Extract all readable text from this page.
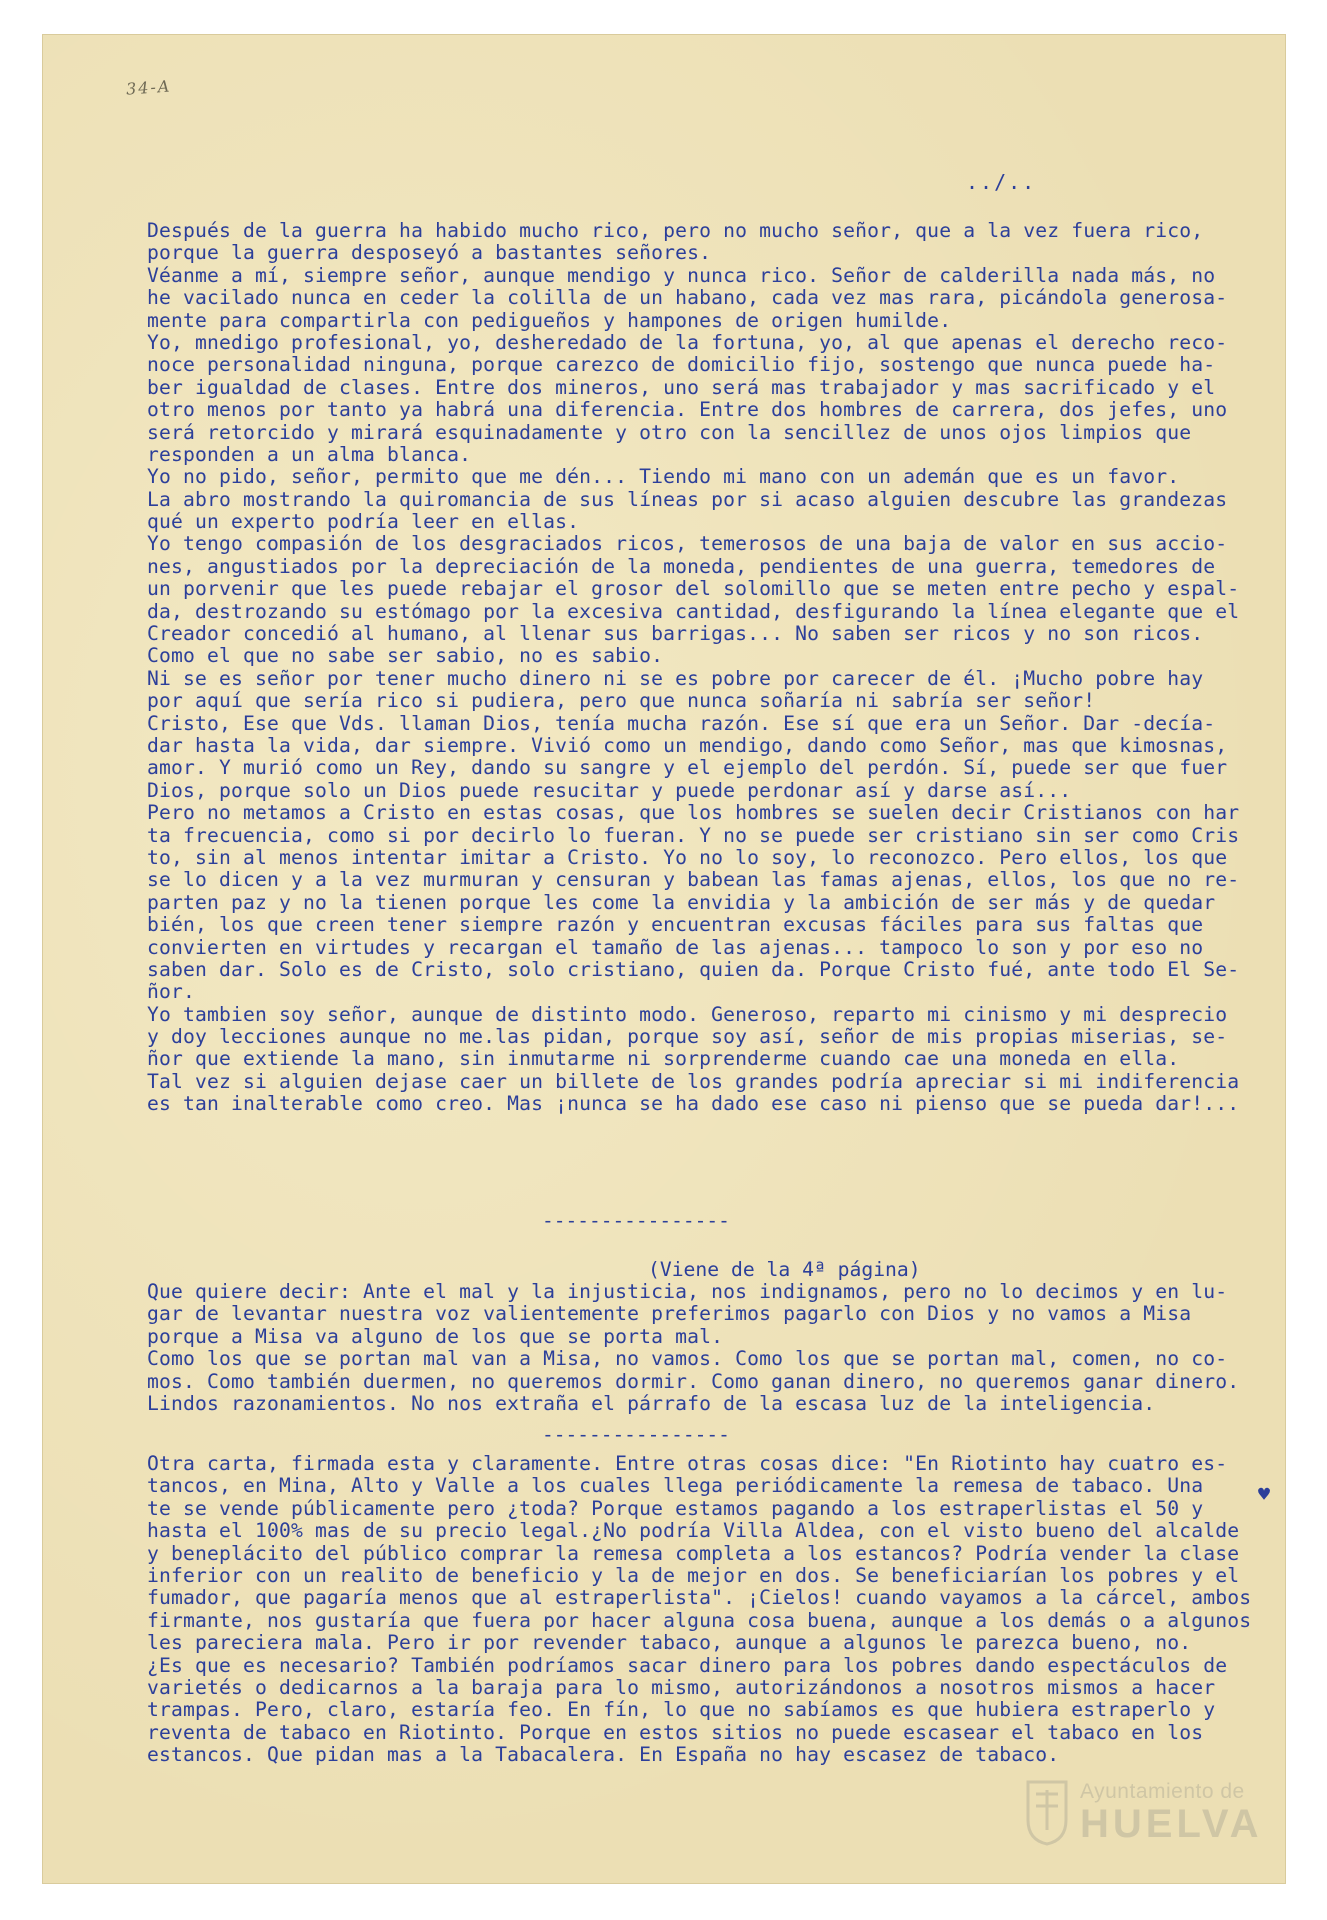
34-A
../..
Después de la guerra ha habido mucho rico, pero no mucho señor, que a la vez fuera rico,
porque la guerra desposeyó a bastantes señores.
Véanme a mí, siempre señor, aunque mendigo y nunca rico. Señor de calderilla nada más, no
he vacilado nunca en ceder la colilla de un habano, cada vez mas rara, picándola generosa-
mente para compartirla con pedigueños y hampones de origen humilde.
Yo, mnedigo profesional, yo, desheredado de la fortuna, yo, al que apenas el derecho reco-
noce personalidad ninguna, porque carezco de domicilio fijo, sostengo que nunca puede ha-
ber igualdad de clases. Entre dos mineros, uno será mas trabajador y mas sacrificado y el
otro menos por tanto ya habrá una diferencia. Entre dos hombres de carrera, dos jefes, uno
será retorcido y mirará esquinadamente y otro con la sencillez de unos ojos limpios que
responden a un alma blanca.
Yo no pido, señor, permito que me dén... Tiendo mi mano con un ademán que es un favor.
La abro mostrando la quiromancia de sus líneas por si acaso alguien descubre las grandezas
qué un experto podría leer en ellas.
Yo tengo compasión de los desgraciados ricos, temerosos de una baja de valor en sus accio-
nes, angustiados por la depreciación de la moneda, pendientes de una guerra, temedores de
un porvenir que les puede rebajar el grosor del solomillo que se meten entre pecho y espal-
da, destrozando su estómago por la excesiva cantidad, desfigurando la línea elegante que el
Creador concedió al humano, al llenar sus barrigas... No saben ser ricos y no son ricos.
Como el que no sabe ser sabio, no es sabio.
Ni se es señor por tener mucho dinero ni se es pobre por carecer de él. ¡Mucho pobre hay
por aquí que sería rico si pudiera, pero que nunca soñaría ni sabría ser señor!
Cristo, Ese que Vds. llaman Dios, tenía mucha razón. Ese sí que era un Señor. Dar -decía-
dar hasta la vida, dar siempre. Vivió como un mendigo, dando como Señor, mas que kimosnas,
amor. Y murió como un Rey, dando su sangre y el ejemplo del perdón. Sí, puede ser que fuer
Dios, porque solo un Dios puede resucitar y puede perdonar así y darse así...
Pero no metamos a Cristo en estas cosas, que los hombres se suelen decir Cristianos con har
ta frecuencia, como si por decirlo lo fueran. Y no se puede ser cristiano sin ser como Cris
to, sin al menos intentar imitar a Cristo. Yo no lo soy, lo reconozco. Pero ellos, los que
se lo dicen y a la vez murmuran y censuran y babean las famas ajenas, ellos, los que no re-
parten paz y no la tienen porque les come la envidia y la ambición de ser más y de quedar
bién, los que creen tener siempre razón y encuentran excusas fáciles para sus faltas que
convierten en virtudes y recargan el tamaño de las ajenas... tampoco lo son y por eso no
saben dar. Solo es de Cristo, solo cristiano, quien da. Porque Cristo fué, ante todo El Se-
ñor.
Yo tambien soy señor, aunque de distinto modo. Generoso, reparto mi cinismo y mi desprecio
y doy lecciones aunque no me.las pidan, porque soy así, señor de mis propias miserias, se-
ñor que extiende la mano, sin inmutarme ni sorprenderme cuando cae una moneda en ella.
Tal vez si alguien dejase caer un billete de los grandes podría apreciar si mi indiferencia
es tan inalterable como creo. Mas ¡nunca se ha dado ese caso ni pienso que se pueda dar!...
----------------
(Viene de la 4ª página)
Que quiere decir: Ante el mal y la injusticia, nos indignamos, pero no lo decimos y en lu-
gar de levantar nuestra voz valientemente preferimos pagarlo con Dios y no vamos a Misa
porque a Misa va alguno de los que se porta mal.
Como los que se portan mal van a Misa, no vamos. Como los que se portan mal, comen, no co-
mos. Como también duermen, no queremos dormir. Como ganan dinero, no queremos ganar dinero.
Lindos razonamientos. No nos extraña el párrafo de la escasa luz de la inteligencia.
----------------
Otra carta, firmada esta y claramente. Entre otras cosas dice: "En Riotinto hay cuatro es-
tancos, en Mina, Alto y Valle a los cuales llega periódicamente la remesa de tabaco. Una
te se vende públicamente pero ¿toda? Porque estamos pagando a los estraperlistas el 50 y
hasta el 100% mas de su precio legal.¿No podría Villa Aldea, con el visto bueno del alcalde
y beneplácito del público comprar la remesa completa a los estancos? Podría vender la clase
inferior con un realito de beneficio y la de mejor en dos. Se beneficiarían los pobres y el
fumador, que pagaría menos que al estraperlista". ¡Cielos! cuando vayamos a la cárcel, ambos
firmante, nos gustaría que fuera por hacer alguna cosa buena, aunque a los demás o a algunos
les pareciera mala. Pero ir por revender tabaco, aunque a algunos le parezca bueno, no.
¿Es que es necesario? También podríamos sacar dinero para los pobres dando espectáculos de
varietés o dedicarnos a la baraja para lo mismo, autorizándonos a nosotros mismos a hacer
trampas. Pero, claro, estaría feo. En fín, lo que no sabíamos es que hubiera estraperlo y
reventa de tabaco en Riotinto. Porque en estos sitios no puede escasear el tabaco en los
estancos. Que pidan mas a la Tabacalera. En España no hay escasez de tabaco.
♥
Ayuntamiento de
HUELVA
